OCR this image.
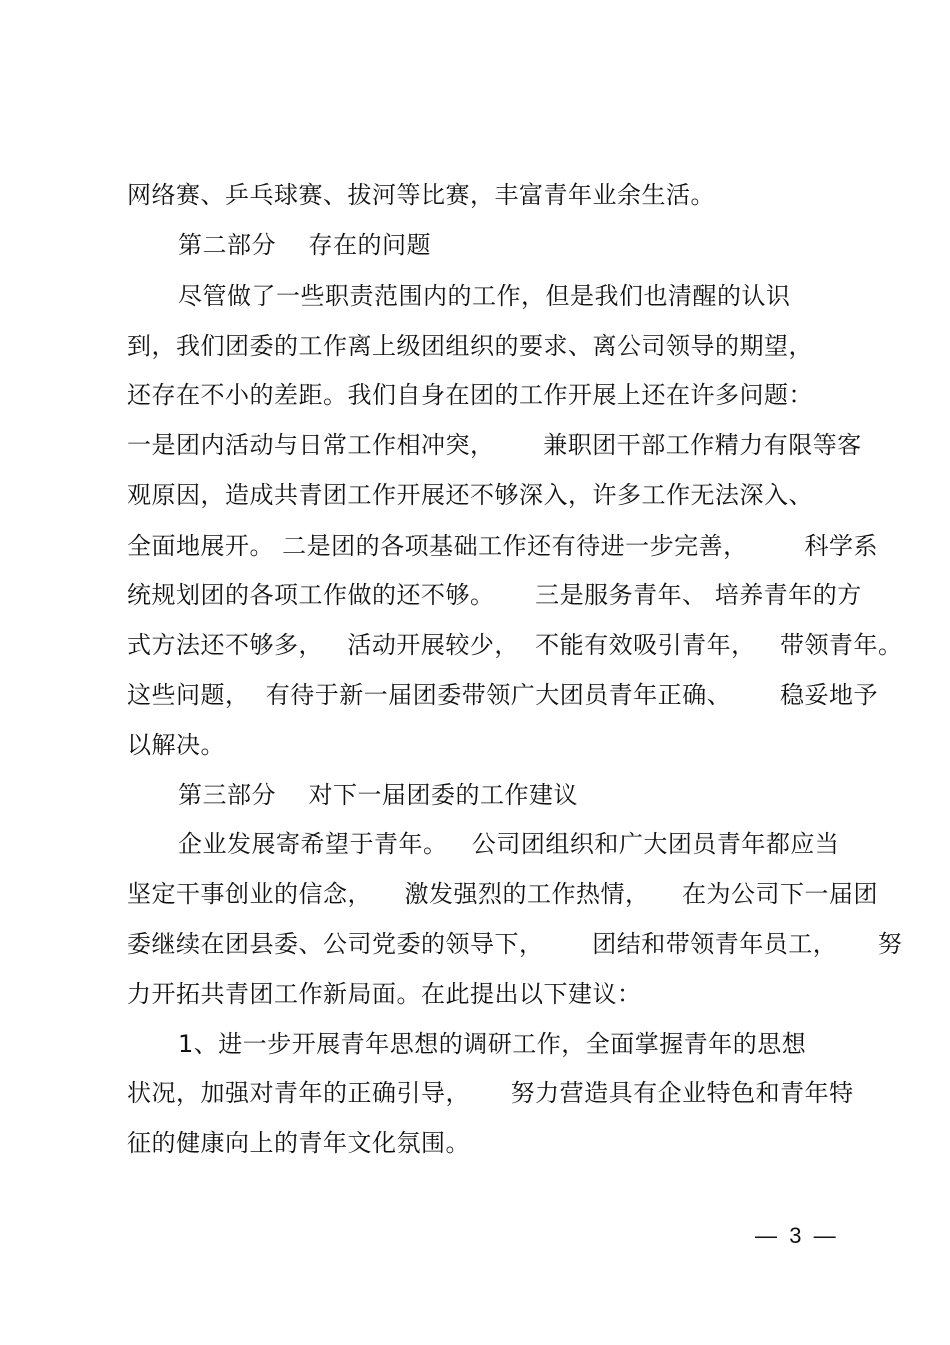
网络赛、乒乓球赛、拔河等比赛，丰富青年业余生活。
第二部分    存在的问题
尽管做了一些职责范围内的工作，但是我们也清醒的认识
到，我们团委的工作离上级团组织的要求、离公司领导的期望，
还存在不小的差距。我们自身在团的工作开展上还在许多问题：
一是团内活动与日常工作相冲突，      兼职团干部工作精力有限等客
观原因，造成共青团工作开展还不够深入，许多工作无法深入、
全面地展开。 二是团的各项基础工作还有待进一步完善，       科学系
统规划团的各项工作做的还不够。     三是服务青年、 培养青年的方
式方法还不够多，   活动开展较少，  不能有效吸引青年，   带领青年。
这些问题，  有待于新一届团委带领广大团员青年正确、      稳妥地予
以解决。
第三部分    对下一届团委的工作建议
企业发展寄希望于青年。   公司团组织和广大团员青年都应当
坚定干事创业的信念，    激发强烈的工作热情，    在为公司下一届团
委继续在团县委、公司党委的领导下，      团结和带领青年员工，     努
力开拓共青团工作新局面。在此提出以下建议：
1、进一步开展青年思想的调研工作，全面掌握青年的思想
状况，加强对青年的正确引导，     努力营造具有企业特色和青年特
征的健康向上的青年文化氛围。
—  3  —
